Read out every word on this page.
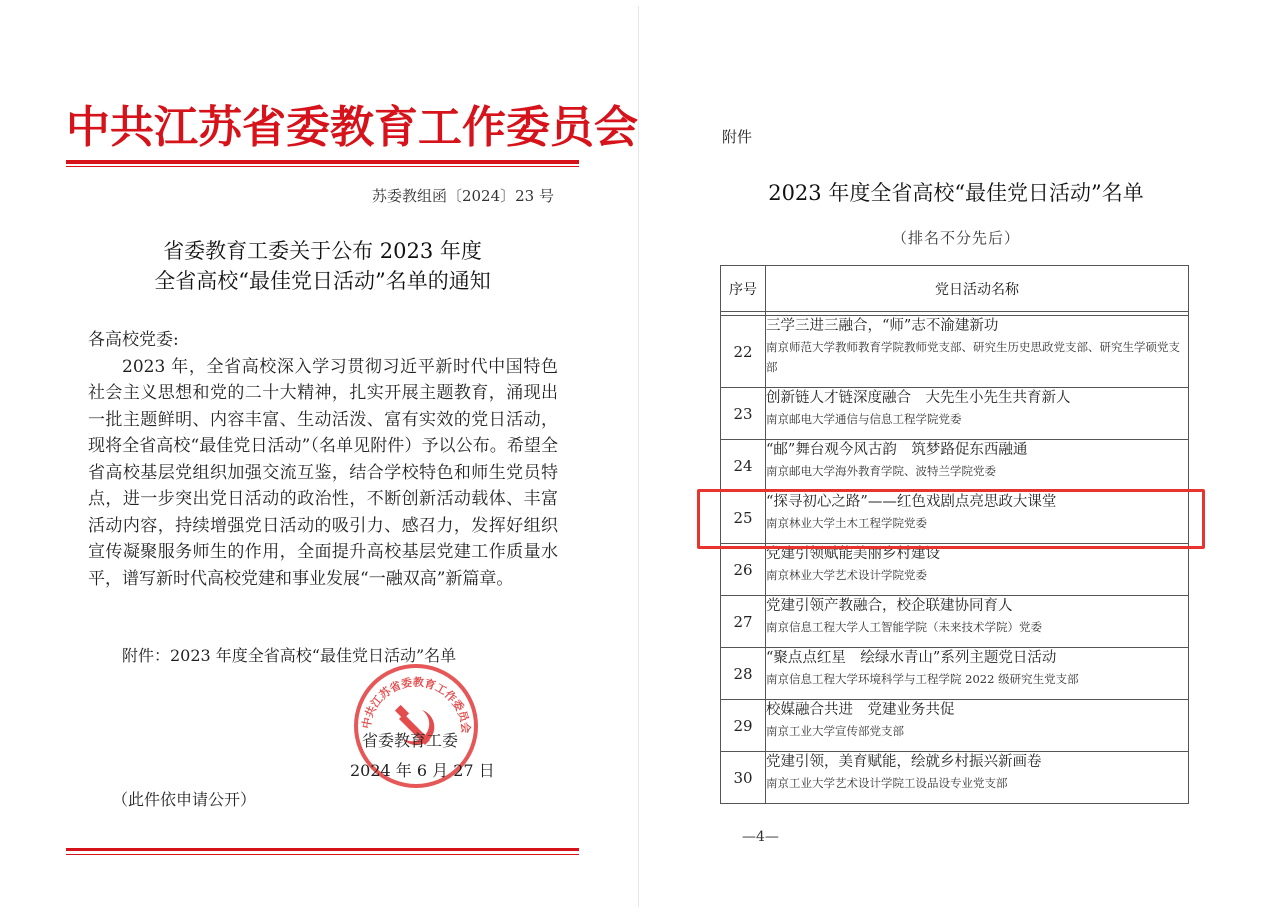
中共江苏省委教育工作委员会
苏委教组函〔2024〕23 号
省委教育工委关于公布 2023 年度
全省高校“最佳党日活动”名单的通知

各高校党委:

2023 年，全省高校深入学习贯彻习近平新时代中国特色社会主义思想和党的二十大精神，扎实开展主题教育，涌现出一批主题鲜明、内容丰富、生动活泼、富有实效的党日活动，现将全省高校“最佳党日活动”（名单见附件）予以公布。希望全省高校基层党组织加强交流互鉴，结合学校特色和师生党员特点，进一步突出党日活动的政治性，不断创新活动载体、丰富活动内容，持续增强党日活动的吸引力、感召力，发挥好组织宣传凝聚服务师生的作用，全面提升高校基层党建工作质量水平，谱写新时代高校党建和事业发展“一融双高”新篇章。

附件：2023 年度全省高校“最佳党日活动”名单
中共江苏省委教育工作委员会
省委教育工委
2024 年 6 月 27 日
（此件依申请公开）
附件
2023 年度全省高校“最佳党日活动”名单
（排名不分先后）
序号	党日活动名称

22	三学三进三融合，“师”志不渝建新功
南京师范大学教师教育学院教师党支部、研究生历史思政党支部、研究生学硕党支部

23	创新链人才链深度融合　大先生小先生共育新人
南京邮电大学通信与信息工程学院党委

24	“邮”舞台观今风古韵　筑梦路促东西融通
南京邮电大学海外教育学院、波特兰学院党委

25	“探寻初心之路”——红色戏剧点亮思政大课堂
南京林业大学土木工程学院党委

26	党建引领赋能美丽乡村建设
南京林业大学艺术设计学院党委

27	党建引领产教融合，校企联建协同育人
南京信息工程大学人工智能学院（未来技术学院）党委

28	“聚点点红星　绘绿水青山”系列主题党日活动
南京信息工程大学环境科学与工程学院 2022 级研究生党支部

29	校媒融合共进　党建业务共促
南京工业大学宣传部党支部

30	党建引领，美育赋能，绘就乡村振兴新画卷
南京工业大学艺术设计学院工设品设专业党支部
—4—
